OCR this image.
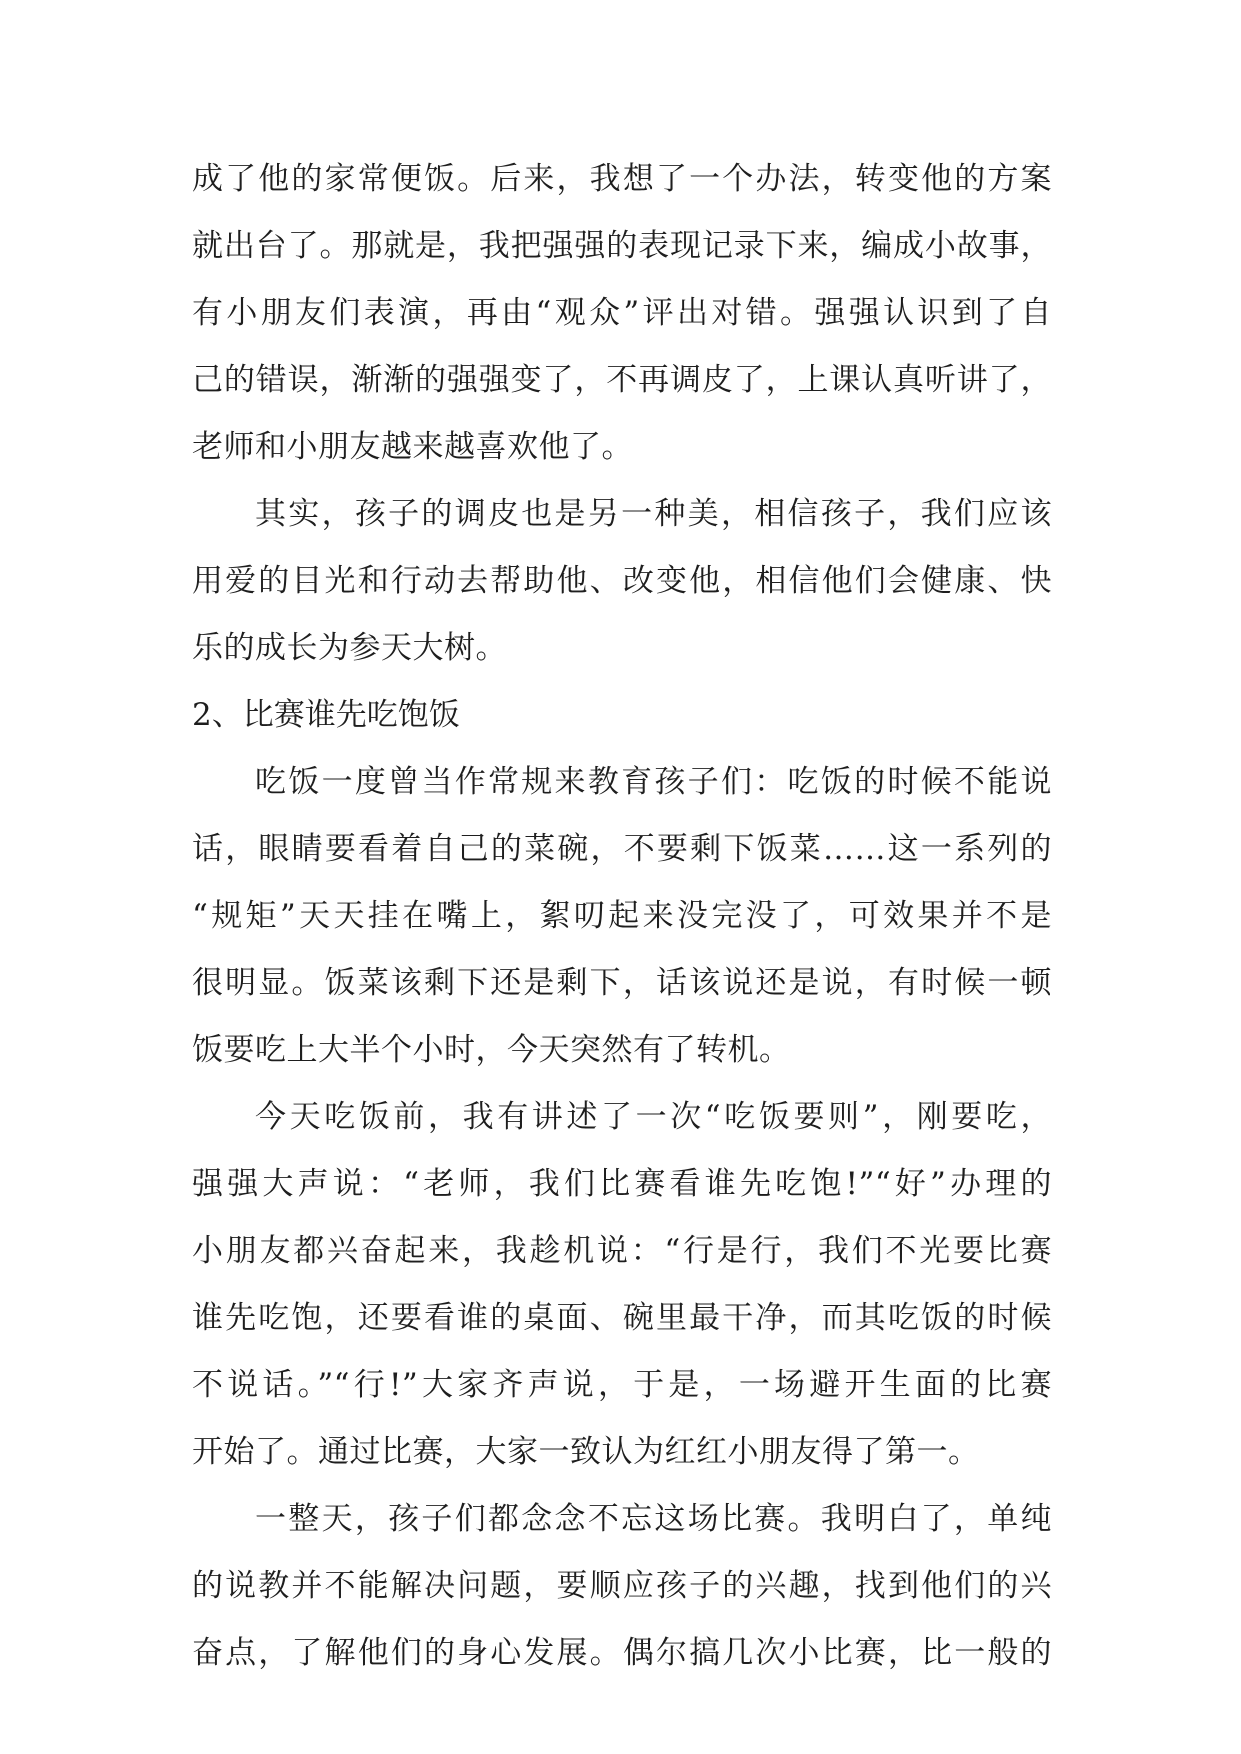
成了他的家常便饭。后来，我想了一个办法，转变他的方案
就出台了。那就是，我把强强的表现记录下来，编成小故事，
有小朋友们表演，再由“观众”评出对错。强强认识到了自
己的错误，渐渐的强强变了，不再调皮了，上课认真听讲了，
老师和小朋友越来越喜欢他了。
其实，孩子的调皮也是另一种美，相信孩子，我们应该
用爱的目光和行动去帮助他、改变他，相信他们会健康、快
乐的成长为参天大树。
2、比赛谁先吃饱饭
吃饭一度曾当作常规来教育孩子们：吃饭的时候不能说
话，眼睛要看着自己的菜碗，不要剩下饭菜……这一系列的
“规矩”天天挂在嘴上，絮叨起来没完没了，可效果并不是
很明显。饭菜该剩下还是剩下，话该说还是说，有时候一顿
饭要吃上大半个小时，今天突然有了转机。
今天吃饭前，我有讲述了一次“吃饭要则”，刚要吃，
强强大声说：“老师，我们比赛看谁先吃饱!”“好”办理的
小朋友都兴奋起来，我趁机说：“行是行，我们不光要比赛
谁先吃饱，还要看谁的桌面、碗里最干净，而其吃饭的时候
不说话。”“行!”大家齐声说，于是，一场避开生面的比赛
开始了。通过比赛，大家一致认为红红小朋友得了第一。
一整天，孩子们都念念不忘这场比赛。我明白了，单纯
的说教并不能解决问题，要顺应孩子的兴趣，找到他们的兴
奋点，了解他们的身心发展。偶尔搞几次小比赛，比一般的
